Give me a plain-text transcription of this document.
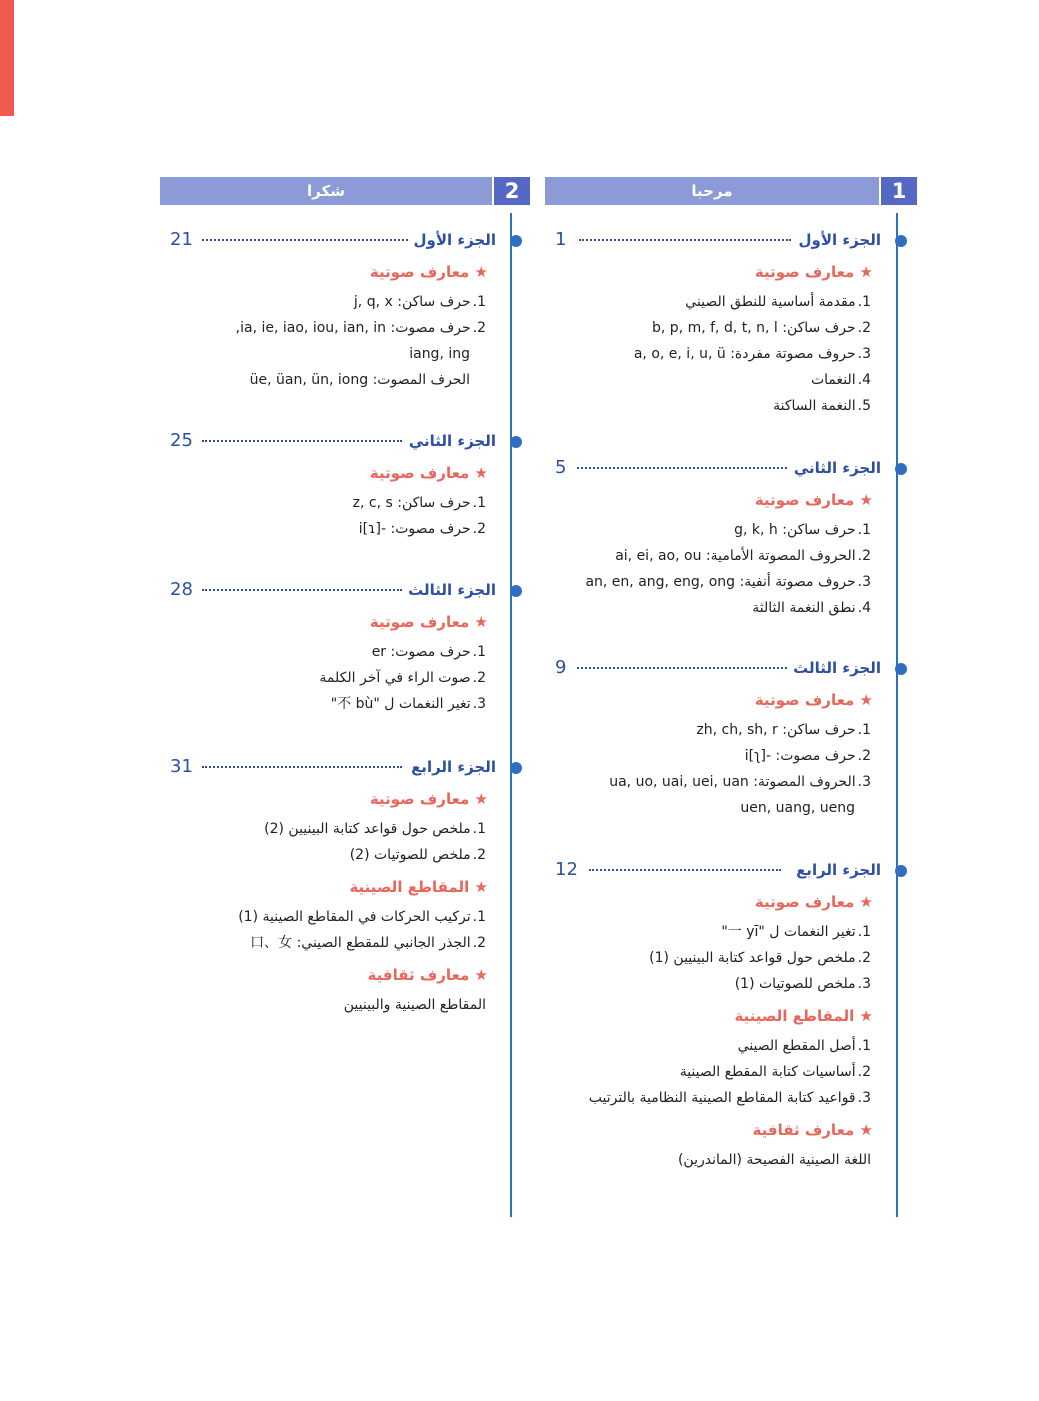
مرحبا	1
1	الجزء الأول
★ معارف صوتية
1.مقدمة أساسية للنطق الصيني
2.حرف ساكن: b, p, m, f, d, t, n, l
3.حروف مصوتة مفردة: a, o, e, i, u, ü
4.النغمات
5.النغمة الساكنة
5	الجزء الثاني
★ معارف صوتية
1.حرف ساكن: g, k, h
2.الحروف المصوتة الأمامية: ai, ei, ao, ou
3.حروف مصوتة أنفية: an, en, ang, eng, ong
4.نطق النغمة الثالثة
9	الجزء الثالث
★ معارف صوتية
1.حرف ساكن: zh, ch, sh, r
2.حرف مصوت: -i[ʅ]
3.الحروف المصوتة: ua, uo, uai, uei, uan
uen, uang, ueng
12	الجزء الرابع
★ معارف صوتية
1.تغير النغمات ل "一 yī"
2.ملخص حول قواعد كتابة البينيين (1)
3.ملخص للصوتيات (1)
★ المقاطع الصينية
1.أصل المقطع الصيني
2.أساسيات كتابة المقطع الصينية
3.قواعيد كتابة المقاطع الصينية النظامية بالترتيب
★ معارف ثقافية
اللغة الصينية الفصيحة (الماندرين)
شكرا	2
21	الجزء الأول
★ معارف صوتية
1.حرف ساكن: j, q, x
2.حرف مصوت: ia, ie, iao, iou, ian, in,
iang, ing
الحرف المصوت: üe, üan, ün, iong
25	الجزء الثاني
★ معارف صوتية
1.حرف ساكن: z, c, s
2.حرف مصوت: -i[ɿ]
28	الجزء الثالث
★ معارف صوتية
1.حرف مصوت: er
2.صوت الراء في آخر الكلمة
3.تغير النغمات ل "不 bù"
31	الجزء الرابع
★ معارف صوتية
1.ملخص حول قواعد كتابة البينيين (2)
2.ملخص للصوتيات (2)
★ المقاطع الصينية
1.تركيب الحركات في المقاطع الصينية (1)
2.الجذر الجانبي للمقطع الصيني: 口、女
★ معارف ثقافية
المقاطع الصينية والبينيين
